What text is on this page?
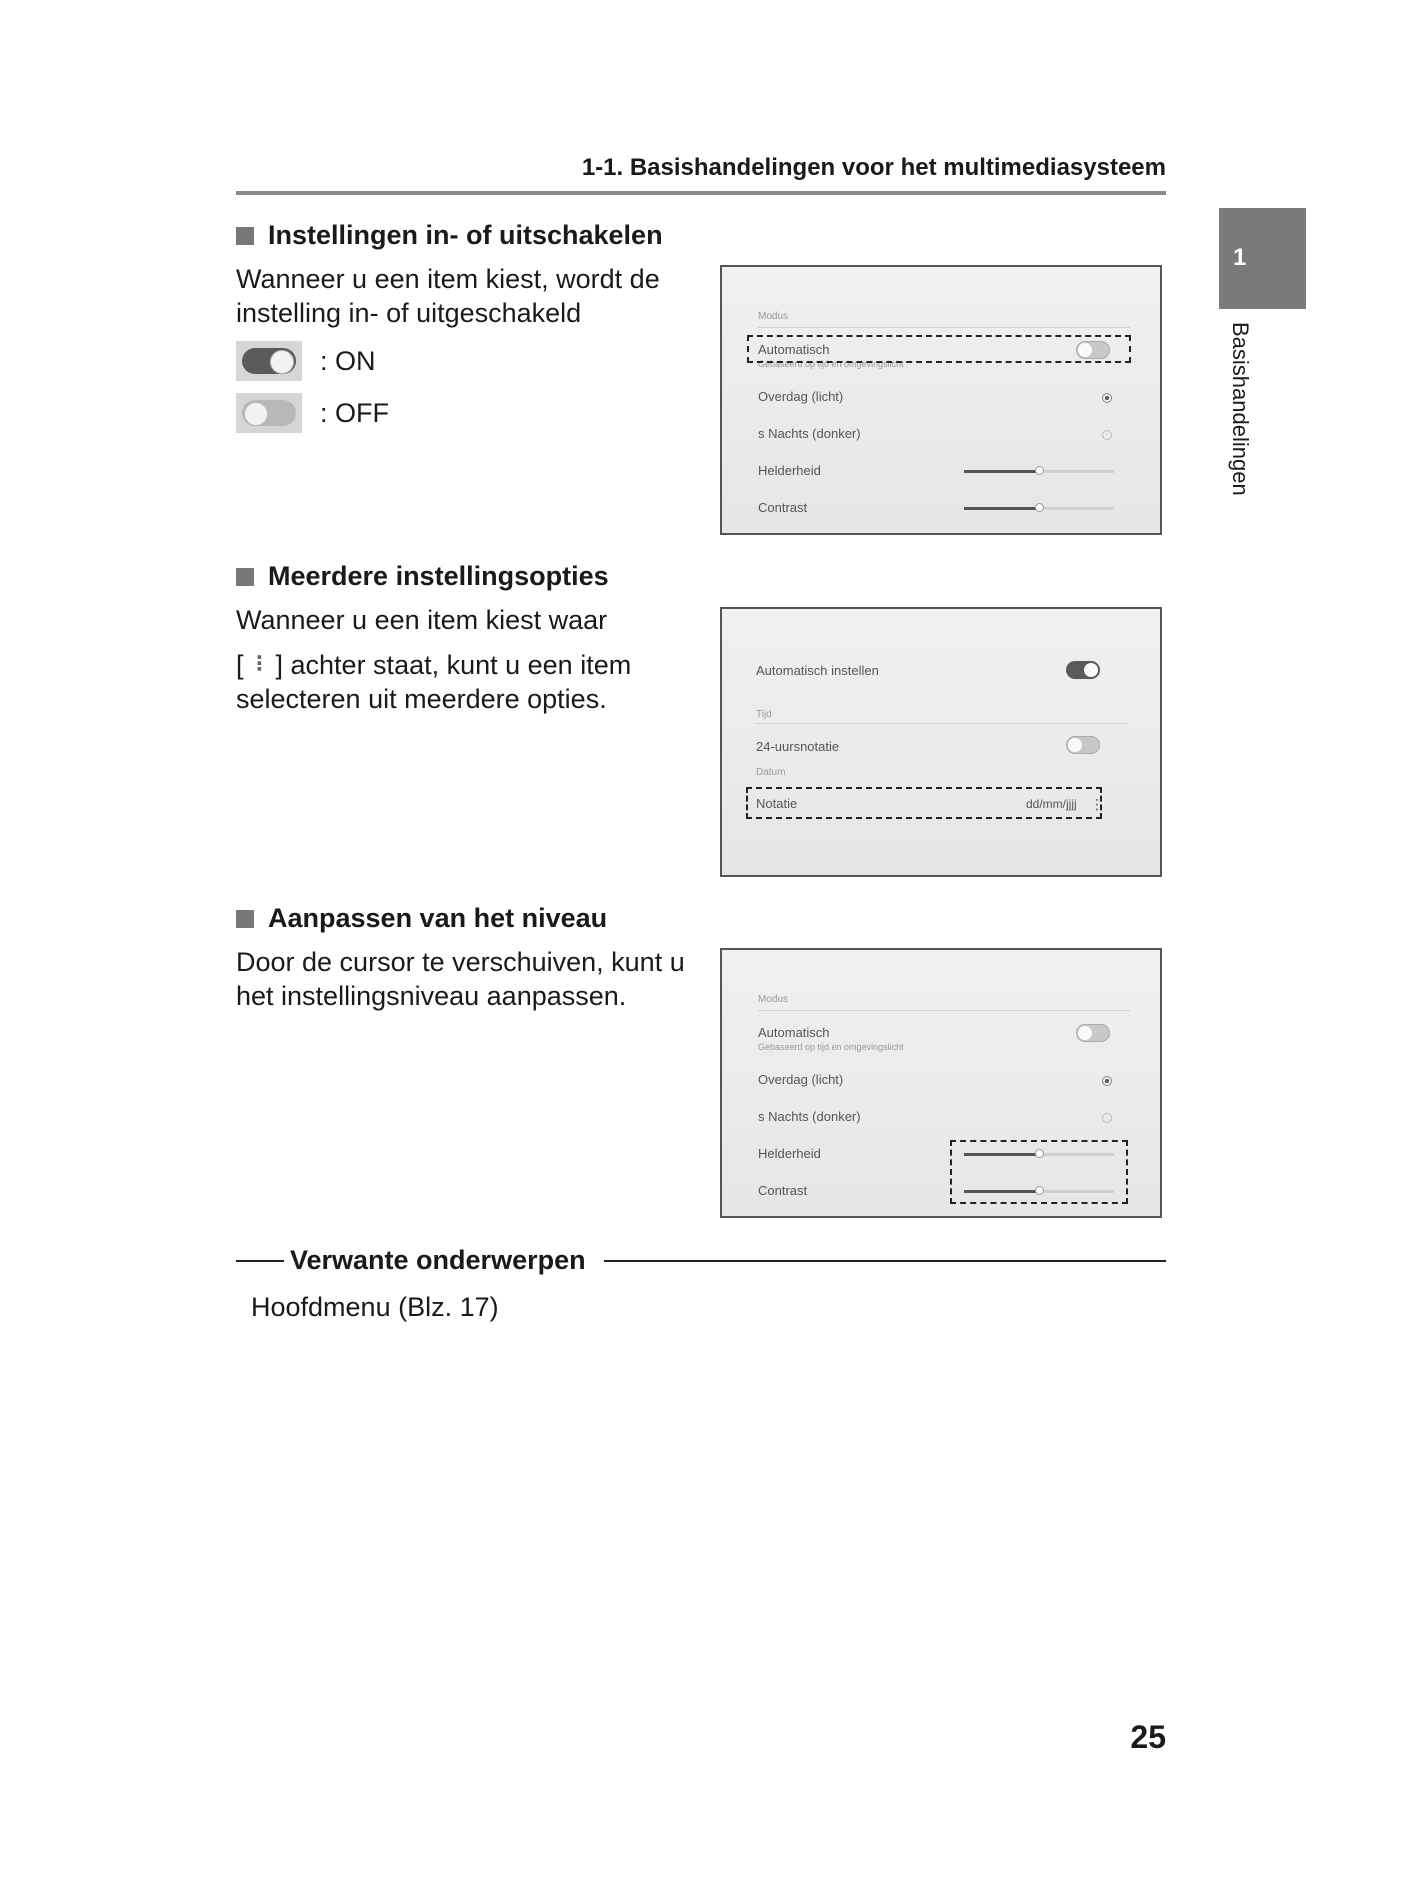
1-1. Basishandelingen voor het multimediasysteem
1
Basishandelingen
Instellingen in- of uitschakelen
Wanneer u een item kiest, wordt de instelling in- of uitgeschakeld
: ON
: OFF
Modus
Automatisch
Gebaseerd op tijd en omgevingslicht
Overdag (licht)
s Nachts (donker)
Helderheid
Contrast
Meerdere instellingsopties
Wanneer u een item kiest waar
[ ⋮ ] achter staat, kunt u een item selecteren uit meerdere opties.
Automatisch instellen
Tijd
24-uursnotatie
Datum
Notatie	dd/mm/jjjj ⋮
Aanpassen van het niveau
Door de cursor te verschuiven, kunt u het instellingsniveau aanpassen.	Modus
Automatisch
Gebaseerd op tijd en omgevingslicht
Overdag (licht)
s Nachts (donker)
Helderheid
Contrast
Verwante onderwerpen
Hoofdmenu (Blz. 17)
25
